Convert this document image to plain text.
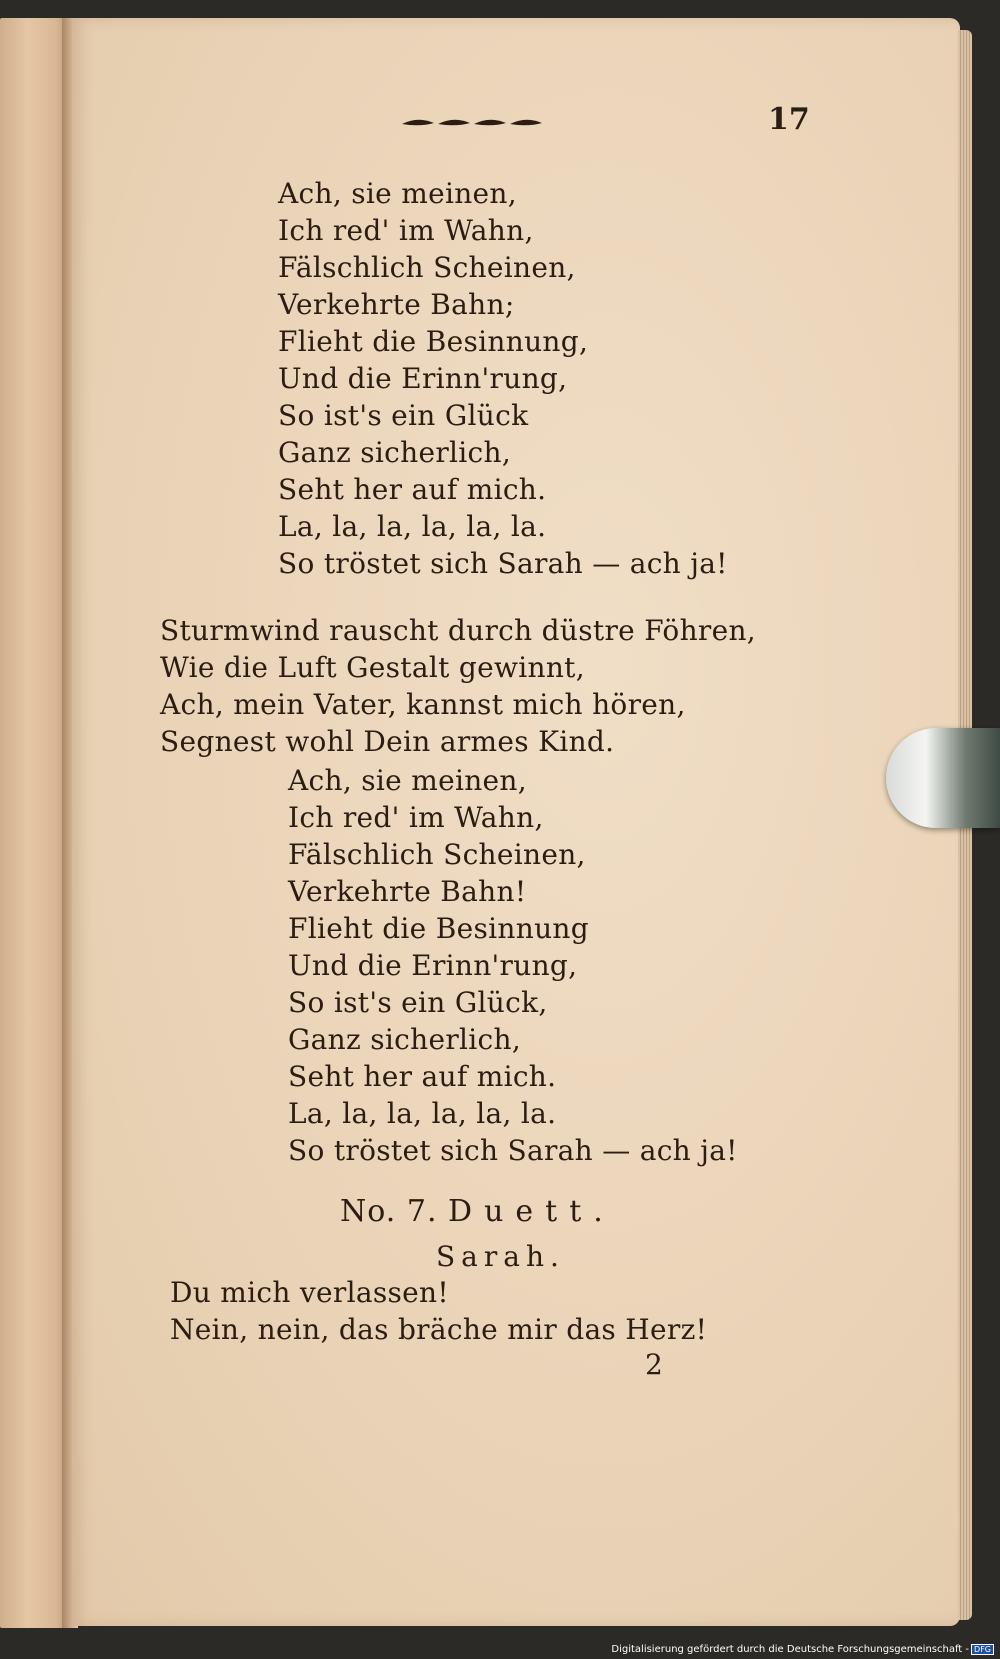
17
Ach, sie meinen,
Ich red' im Wahn,
Fälschlich Scheinen,
Verkehrte Bahn;
Flieht die Besinnung,
Und die Erinn'rung,
So ist's ein Glück
Ganz sicherlich,
Seht her auf mich.
La, la, la, la, la, la.
So tröstet sich Sarah — ach ja!
Sturmwind rauscht durch düstre Föhren,
Wie die Luft Gestalt gewinnt,
Ach, mein Vater, kannst mich hören,
Segnest wohl Dein armes Kind.
Ach, sie meinen,
Ich red' im Wahn,
Fälschlich Scheinen,
Verkehrte Bahn!
Flieht die Besinnung
Und die Erinn'rung,
So ist's ein Glück,
Ganz sicherlich,
Seht her auf mich.
La, la, la, la, la, la.
So tröstet sich Sarah — ach ja!
No. 7. Duett.
Sarah.
Du mich verlassen!
Nein, nein, das bräche mir das Herz!
2
Digitalisierung gefördert durch die Deutsche Forschungsgemeinschaft - DFG
